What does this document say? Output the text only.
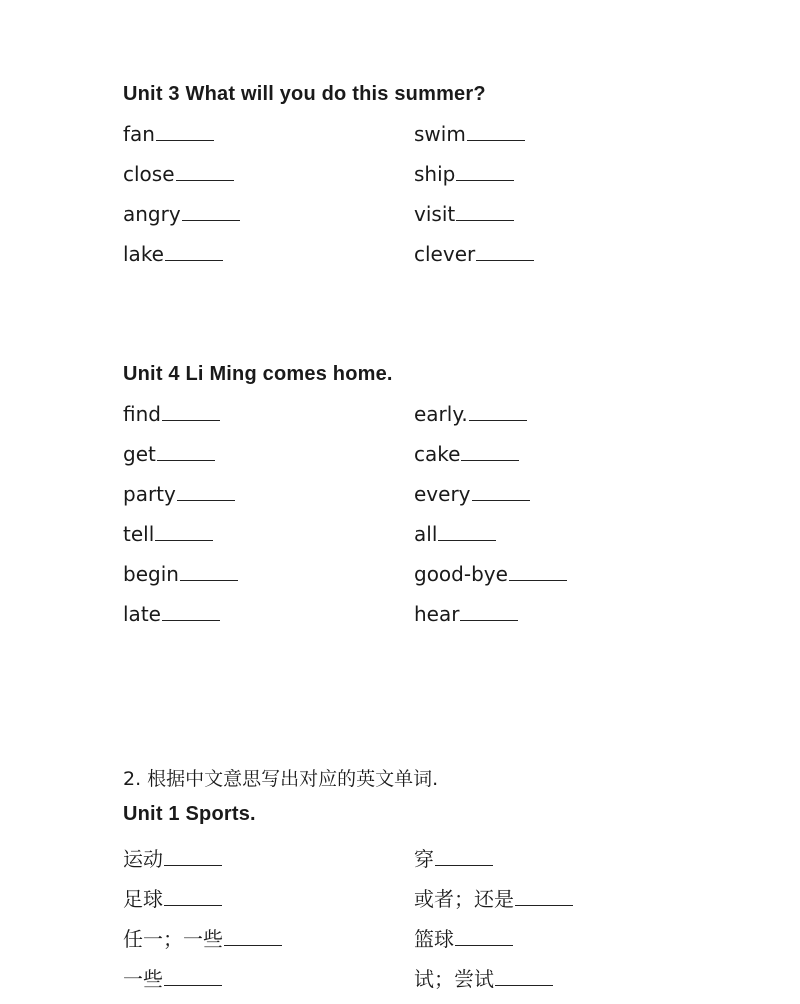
Unit 3 What will you do this summer?
fan	swim
close	ship
angry	visit
lake	clever
Unit 4 Li Ming comes home.
find	early.
get	cake
party	every
tell	all
begin	good-bye
late	hear
2. 根据中文意思写出对应的英文单词.
Unit 1 Sports.
运动	穿
足球	或者；还是
任一；一些	篮球
一些	试；尝试
